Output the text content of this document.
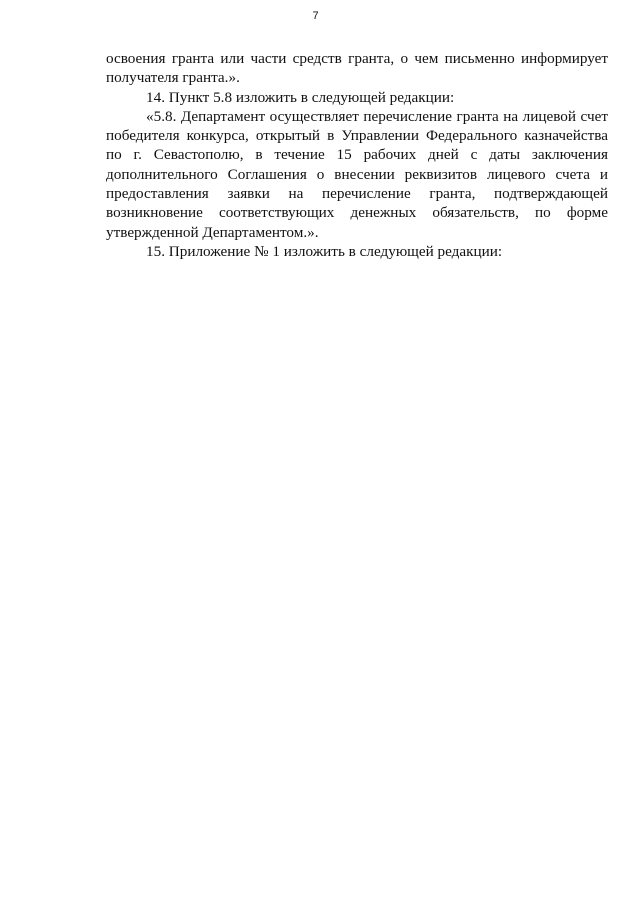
7
освоения гранта или части средств гранта, о чем письменно информирует
получателя гранта.».
14. Пункт 5.8 изложить в следующей редакции:
«5.8. Департамент осуществляет перечисление гранта на лицевой счет
победителя конкурса, открытый в Управлении Федерального казначейства
по г. Севастополю, в течение 15 рабочих дней с даты заключения
дополнительного Соглашения о внесении реквизитов лицевого счета и
предоставления заявки на перечисление гранта, подтверждающей
возникновение соответствующих денежных обязательств, по форме
утвержденной Департаментом.».
15. Приложение № 1 изложить в следующей редакции:
